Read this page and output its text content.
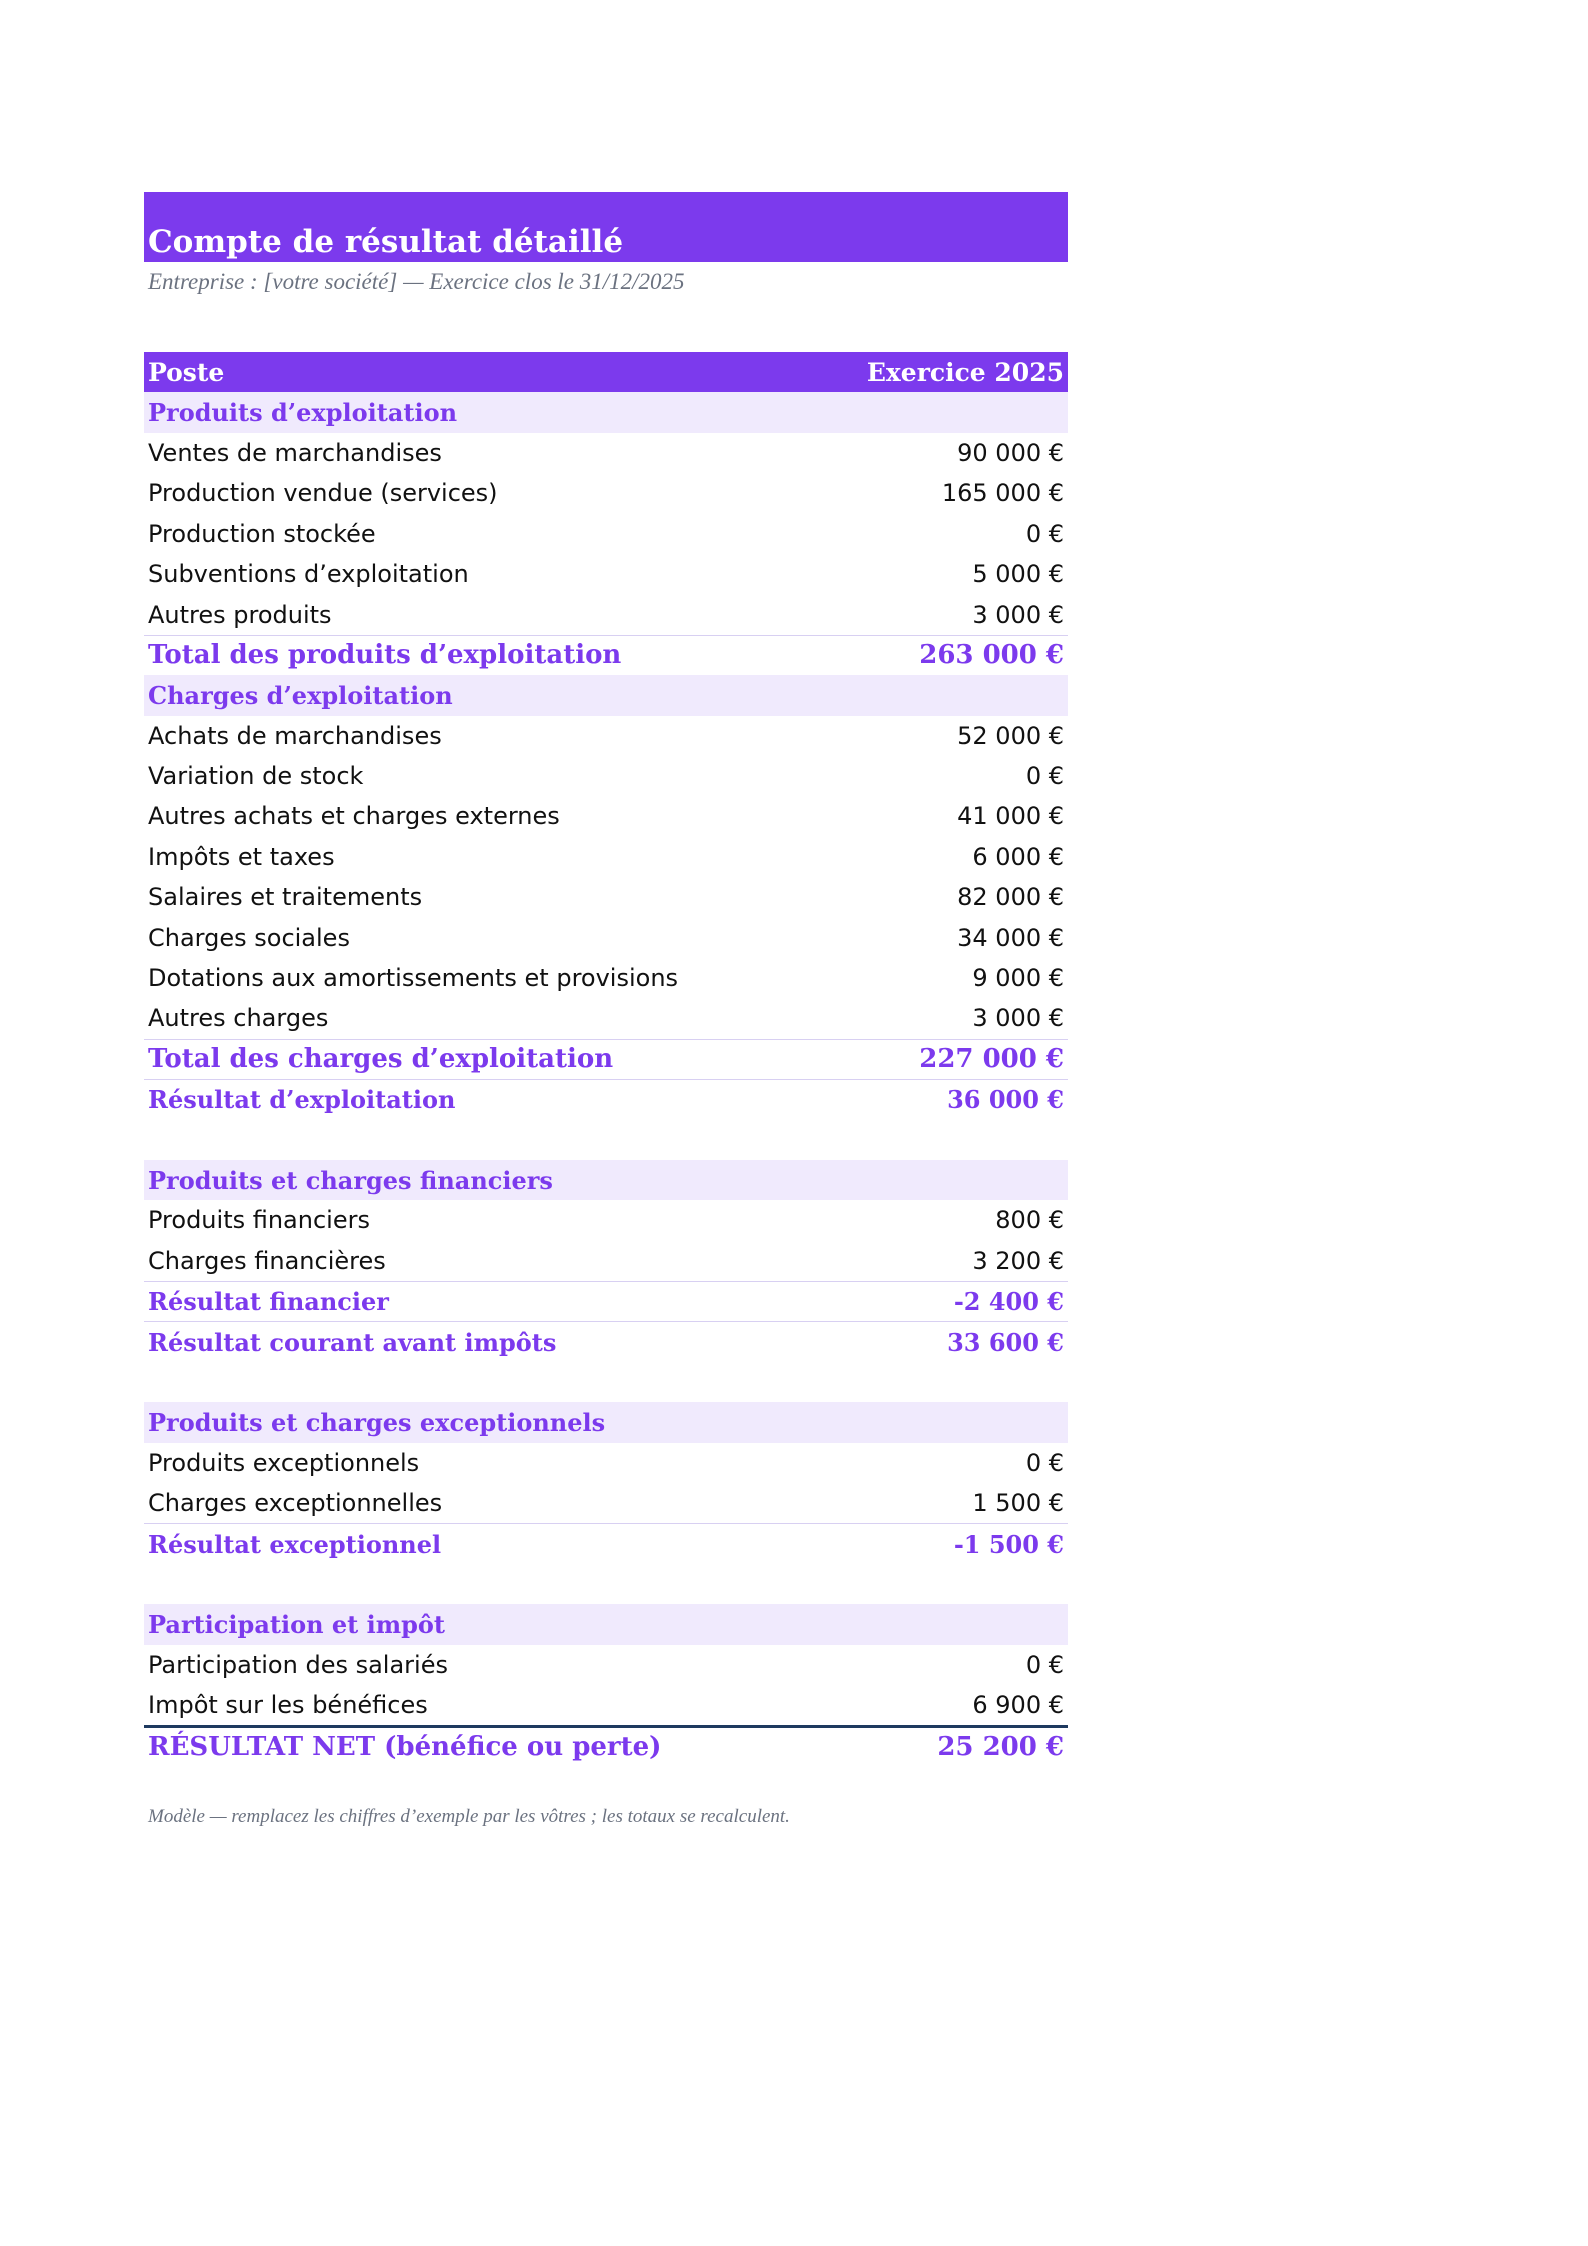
Compte de résultat détaillé
Entreprise : [votre société] — Exercice clos le 31/12/2025
Poste	Exercice 2025
Produits d’exploitation
Ventes de marchandises	90 000 €
Production vendue (services)	165 000 €
Production stockée	0 €
Subventions d’exploitation	5 000 €
Autres produits	3 000 €
Total des produits d’exploitation	263 000 €
Charges d’exploitation
Achats de marchandises	52 000 €
Variation de stock	0 €
Autres achats et charges externes	41 000 €
Impôts et taxes	6 000 €
Salaires et traitements	82 000 €
Charges sociales	34 000 €
Dotations aux amortissements et provisions	9 000 €
Autres charges	3 000 €
Total des charges d’exploitation	227 000 €
Résultat d’exploitation	36 000 €
Produits et charges financiers
Produits financiers	800 €
Charges financières	3 200 €
Résultat financier	-2 400 €
Résultat courant avant impôts	33 600 €
Produits et charges exceptionnels
Produits exceptionnels	0 €
Charges exceptionnelles	1 500 €
Résultat exceptionnel	-1 500 €
Participation et impôt
Participation des salariés	0 €
Impôt sur les bénéfices	6 900 €
RÉSULTAT NET (bénéfice ou perte)	25 200 €
Modèle — remplacez les chiffres d’exemple par les vôtres ; les totaux se recalculent.
